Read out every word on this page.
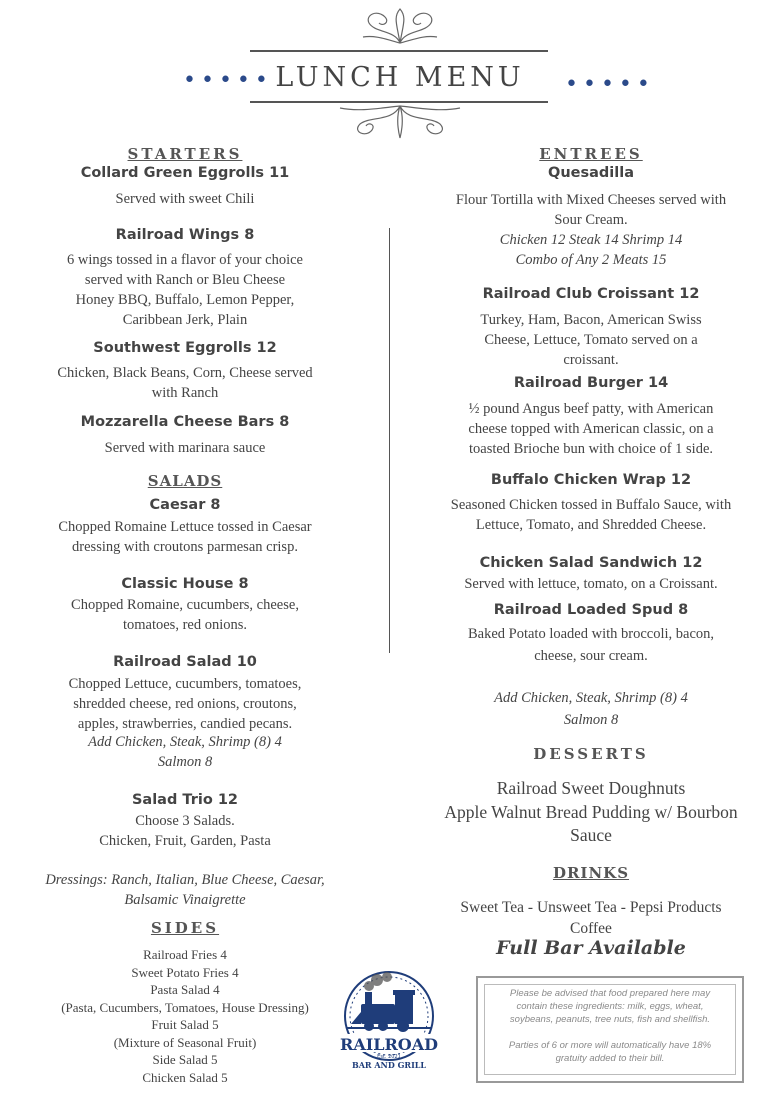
•••••	•••••
LUNCH MENU
STARTERS
Collard Green Eggrolls 11
Served with sweet Chili
Railroad Wings 8
6 wings tossed in a flavor of your choice
served with Ranch or Bleu Cheese
Honey BBQ, Buffalo, Lemon Pepper,
Caribbean Jerk, Plain
Southwest Eggrolls 12
Chicken, Black Beans, Corn, Cheese served
with Ranch
Mozzarella Cheese Bars 8
Served with marinara sauce
SALADS
Caesar 8
Chopped Romaine Lettuce tossed in Caesar
dressing with croutons parmesan crisp.
Classic House 8
Chopped Romaine, cucumbers, cheese,
tomatoes, red onions.
Railroad Salad 10
Chopped Lettuce, cucumbers, tomatoes,
shredded cheese, red onions, croutons,
apples, strawberries, candied pecans.
Add Chicken, Steak, Shrimp (8) 4
Salmon 8
Salad Trio 12
Choose 3 Salads.
Chicken, Fruit, Garden, Pasta
Dressings: Ranch, Italian, Blue Cheese, Caesar,
Balsamic Vinaigrette
SIDES
Railroad Fries 4
Sweet Potato Fries 4
Pasta Salad 4
(Pasta, Cucumbers, Tomatoes, House Dressing)
Fruit Salad 5
(Mixture of Seasonal Fruit)
Side Salad 5
Chicken Salad 5
ENTREES
Quesadilla
Flour Tortilla with Mixed Cheeses served with
Sour Cream.
Chicken 12 Steak 14 Shrimp 14
Combo of Any 2 Meats 15
Railroad Club Croissant 12
Turkey, Ham, Bacon, American Swiss
Cheese, Lettuce, Tomato served on a
croissant.
Railroad Burger 14
½ pound Angus beef patty, with American
cheese topped with American classic, on a
toasted Brioche bun with choice of 1 side.
Buffalo Chicken Wrap 12
Seasoned Chicken tossed in Buffalo Sauce, with
Lettuce, Tomato, and Shredded Cheese.
Chicken Salad Sandwich 12
Served with lettuce, tomato, on a Croissant.
Railroad Loaded Spud 8
Baked Potato loaded with broccoli, bacon,
cheese, sour cream.
Add Chicken, Steak, Shrimp (8) 4
Salmon 8
DESSERTS
Railroad Sweet Doughnuts
Apple Walnut Bread Pudding w/ Bourbon
Sauce
DRINKS
Sweet Tea - Unsweet Tea - Pepsi Products
Coffee
Full Bar Available
RAILROAD
Est. 2021
BAR AND GRILL
Please be advised that food prepared here may
contain these ingredients: milk, eggs, wheat,
soybeans, peanuts, tree nuts, fish and shellfish.
Parties of 6 or more will automatically have 18%
gratuity added to their bill.
